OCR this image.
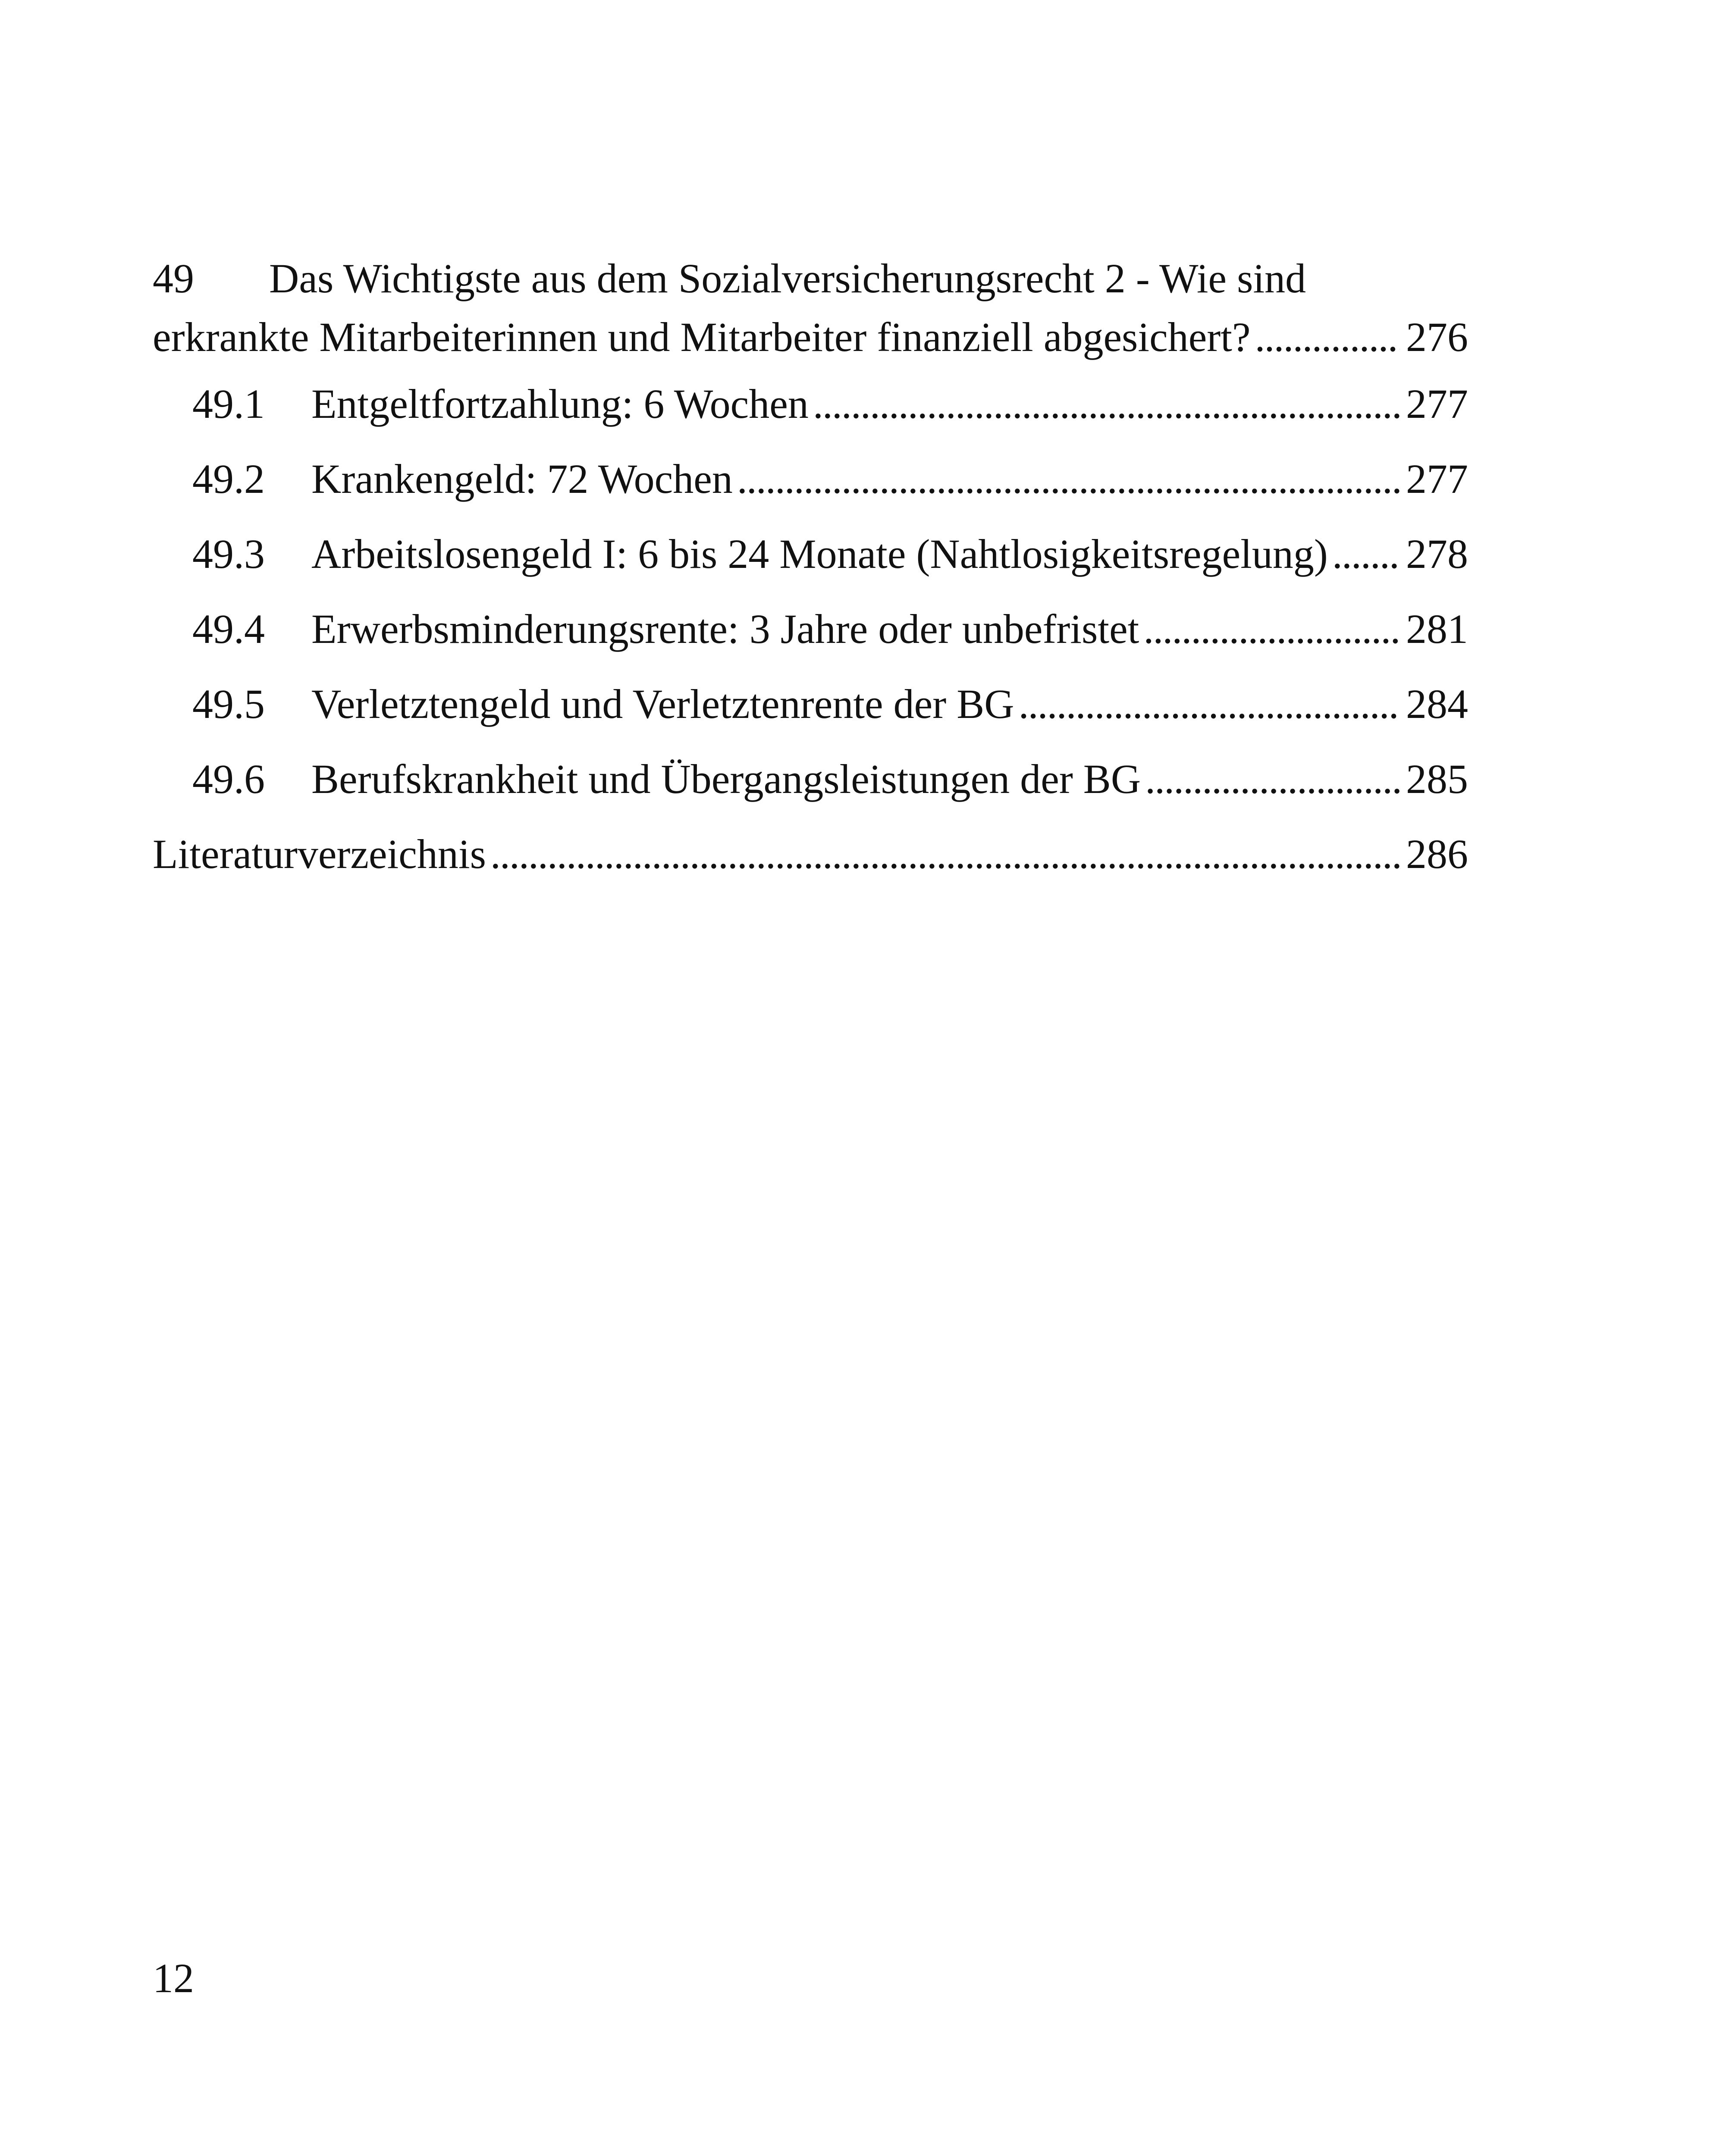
49 Das Wichtigste aus dem Sozialversicherungsrecht 2 - Wie sind
erkrankte Mitarbeiterinnen und Mitarbeiter finanziell abgesichert? . . .	276
49.1	Entgeltfortzahlung: 6 Wochen . . .	277
49.2	Krankengeld: 72 Wochen . . .	277
49.3	Arbeitslosengeld I: 6 bis 24 Monate (Nahtlosigkeitsregelung) . . . 278
49.4	Erwerbsminderungsrente: 3 Jahre oder unbefristet . . .	281
49.5	Verletztengeld und Verletztenrente der BG . . .	284
49.6	Berufskrankheit und Übergangsleistungen der BG . . .	285
Literaturverzeichnis . . .	286
12
